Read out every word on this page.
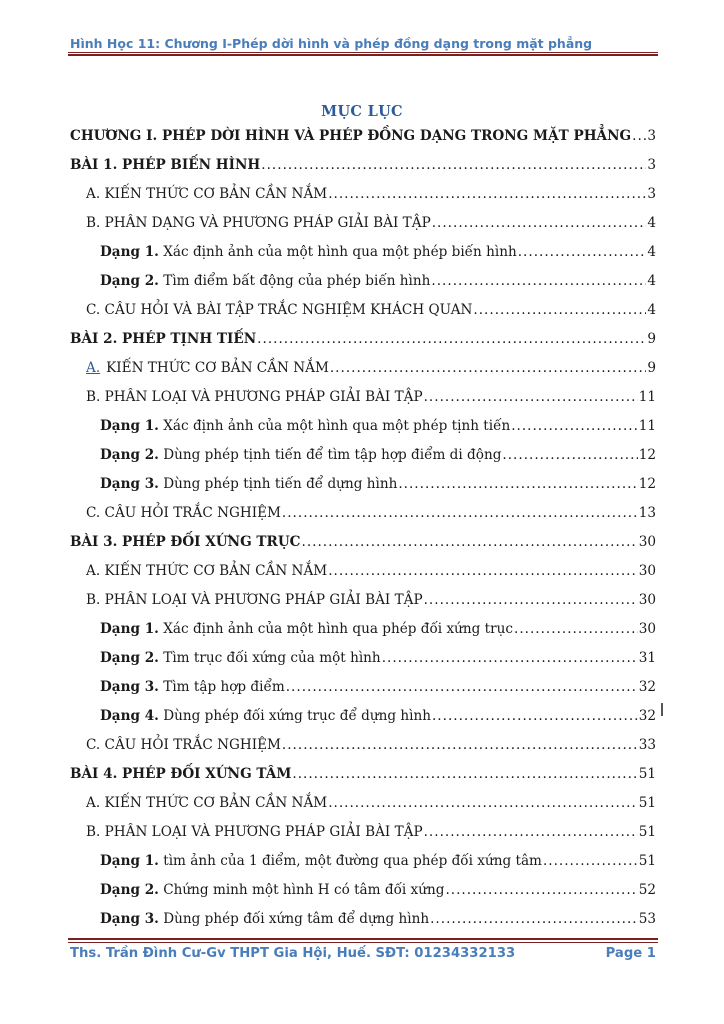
Hình Học 11: Chương I-Phép dời hình và phép đồng dạng trong mặt phẳng
MỤC LỤC
CHƯƠNG I. PHÉP DỜI HÌNH VÀ PHÉP ĐỒNG DẠNG TRONG MẶT PHẲNG ..... 3
BÀI 1. PHÉP BIẾN HÌNH .....	3
A. KIẾN THỨC CƠ BẢN CẦN NẮM .....	3
B. PHÂN DẠNG VÀ PHƯƠNG PHÁP GIẢI BÀI TẬP .....	4
Dạng 1. Xác định ảnh của một hình qua một phép biến hình .....	4
Dạng 2. Tìm điểm bất động của phép biến hình .....	4
C. CÂU HỎI VÀ BÀI TẬP TRẮC NGHIỆM KHÁCH QUAN .....	4
BÀI 2. PHÉP TỊNH TIẾN .....	9
A. KIẾN THỨC CƠ BẢN CẦN NẮM .....	9
B. PHÂN LOẠI VÀ PHƯƠNG PHÁP GIẢI BÀI TẬP .....	11
Dạng 1. Xác định ảnh của một hình qua một phép tịnh tiến .....	11
Dạng 2. Dùng phép tịnh tiến để tìm tập hợp điểm di động .....	12
Dạng 3. Dùng phép tịnh tiến để dựng hình .....	12
C. CÂU HỎI TRẮC NGHIỆM .....	13
BÀI 3. PHÉP ĐỐI XỨNG TRỤC .....	30
A. KIẾN THỨC CƠ BẢN CẦN NẮM .....	30
B. PHÂN LOẠI VÀ PHƯƠNG PHÁP GIẢI BÀI TẬP .....	30
Dạng 1. Xác định ảnh của một hình qua phép đối xứng trục .....	30
Dạng 2. Tìm trục đối xứng của một hình .....	31
Dạng 3. Tìm tập hợp điểm .....	32
Dạng 4. Dùng phép đối xứng trục để dựng hình .....	32
C. CÂU HỎI TRẮC NGHIỆM .....	33
BÀI 4. PHÉP ĐỐI XỨNG TÂM .....	51
A. KIẾN THỨC CƠ BẢN CẦN NẮM .....	51
B. PHÂN LOẠI VÀ PHƯƠNG PHÁP GIẢI BÀI TẬP .....	51
Dạng 1. tìm ảnh của 1 điểm, một đường qua phép đối xứng tâm .....	51
Dạng 2. Chứng minh một hình H có tâm đối xứng .....	52
Dạng 3. Dùng phép đối xứng tâm để dựng hình .....	53
Ths. Trần Đình Cư-Gv THPT Gia Hội, Huế. SĐT: 01234332133	Page 1
